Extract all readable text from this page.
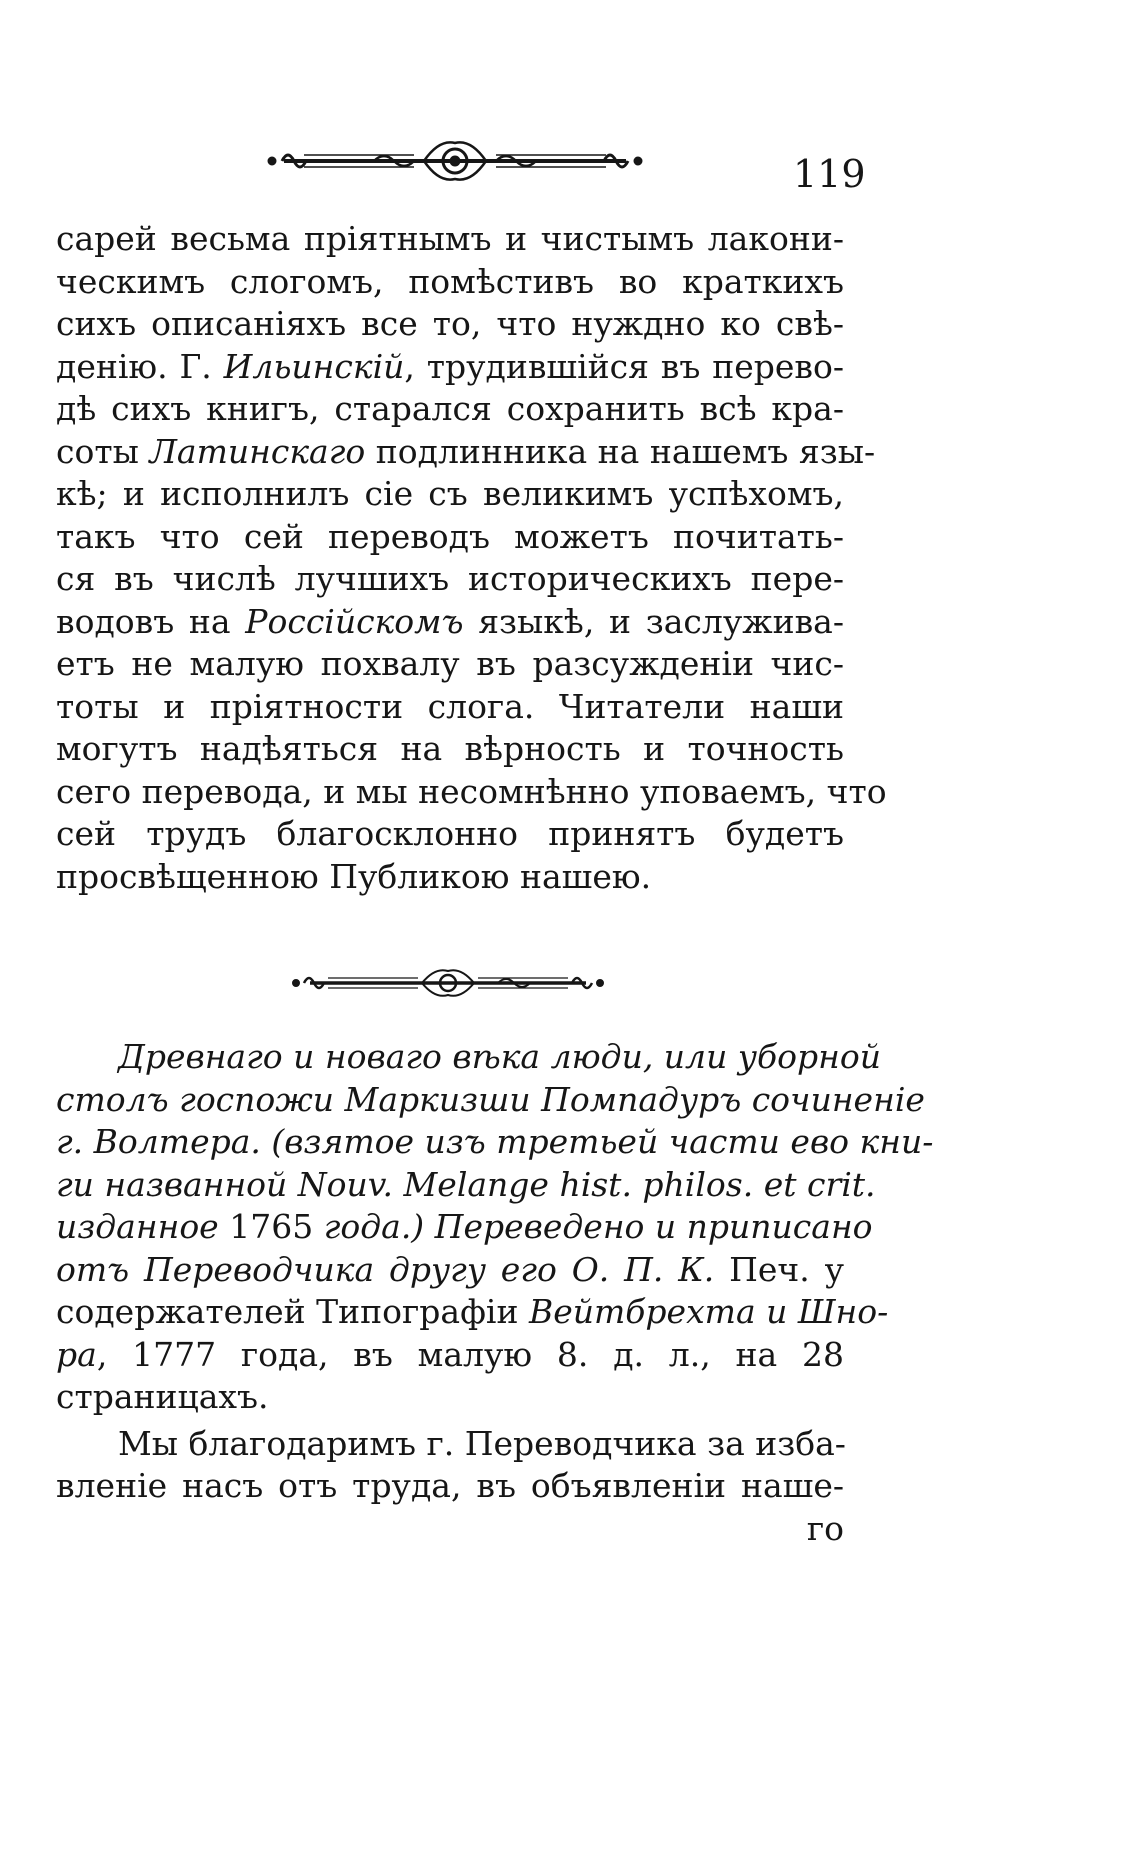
119
сарей весьма пріятнымъ и чистымъ лакони-
ческимъ слогомъ, помѣстивъ во краткихъ
сихъ описаніяхъ все то, что нуждно ко свѣ-
денію. Г. Ильинскій, трудившійся въ перево-
дѣ сихъ книгъ, старался сохранить всѣ кра-
соты Латинскаго подлинника на нашемъ язы-
кѣ; и исполнилъ сіе съ великимъ успѣхомъ,
такъ что сей переводъ можетъ почитать-
ся въ числѣ лучшихъ историческихъ пере-
водовъ на Россійскомъ языкѣ, и заслужива-
етъ не малую похвалу въ разсужденіи чис-
тоты и пріятности слога. Читатели наши
могутъ надѣяться на вѣрность и точность
сего перевода, и мы несомнѣнно уповаемъ, что
сей трудъ благосклонно принятъ будетъ
просвѣщенною Публикою нашею.
Древнаго и новаго вѣка люди, или уборной
столъ госпожи Маркизши Помпадуръ сочиненіе
г. Волтера. (взятое изъ третьей части ево кни-
ги названной Nouv. Melange hist. philos. et crit.
изданное 1765 года.) Переведено и приписано
отъ Переводчика другу его О. П. К. Печ. у
содержателей Типографіи Вейтбрехта и Шно-
ра, 1777 года, въ малую 8. д. л., на 28
страницахъ.
Мы благодаримъ г. Переводчика за изба-
вленіе насъ отъ труда, въ объявленіи наше-
го
